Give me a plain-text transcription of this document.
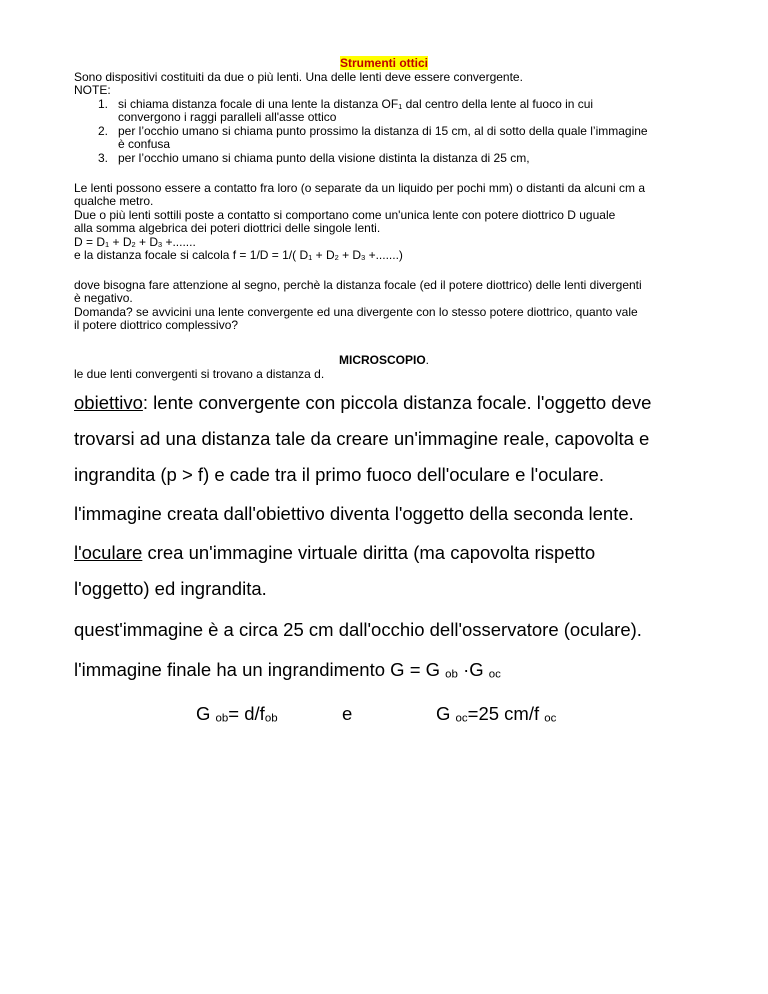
Strumenti ottici
Sono dispositivi costituiti da due o più lenti. Una delle lenti deve essere convergente.
NOTE:
1. si chiama distanza focale di una lente la distanza $OF_1$ dal centro della lente al fuoco in cui
convergono i raggi paralleli all'asse ottico
2. per l’occhio umano si chiama punto prossimo la distanza di 15 cm, al di sotto della quale l’immagine
è confusa
3. per l’occhio umano si chiama punto della visione distinta la distanza di 25 cm,
Le lenti possono essere a contatto fra loro (o separate da un liquido per pochi mm) o distanti da alcuni cm a
qualche metro.
Due o più lenti sottili poste a contatto si comportano come un'unica lente con potere diottrico D uguale
alla somma algebrica dei poteri diottrici delle singole lenti.
$D = D_1 + D_2 + D_3$ +.......
e la distanza focale si calcola f = 1/D = 1/( $D_1 + D_2 + D_3$ +.......)
dove bisogna fare attenzione al segno, perchè la distanza focale (ed il potere diottrico) delle lenti divergenti
è negativo.
Domanda? se avvicini una lente convergente ed una divergente con lo stesso potere diottrico, quanto vale
il potere diottrico complessivo?
MICROSCOPIO.
le due lenti convergenti si trovano a distanza d.
obiettivo: lente convergente con piccola distanza focale. l'oggetto deve
trovarsi ad una distanza tale da creare un'immagine reale, capovolta e
ingrandita (p > f) e cade tra il primo fuoco dell'oculare e l'oculare.
l'immagine creata dall'obiettivo diventa l'oggetto della seconda lente.
l'oculare crea un'immagine virtuale diritta (ma capovolta rispetto
l'oggetto) ed ingrandita.
quest'immagine è a circa 25 cm dall'occhio dell'osservatore (oculare).
l'immagine finale ha un ingrandimento G = G $_{ob}$ ·G $_{oc}$
G $_{ob}= d/f_{ob}$	e	G $_{oc}$=25 cm/f $_{oc}$
